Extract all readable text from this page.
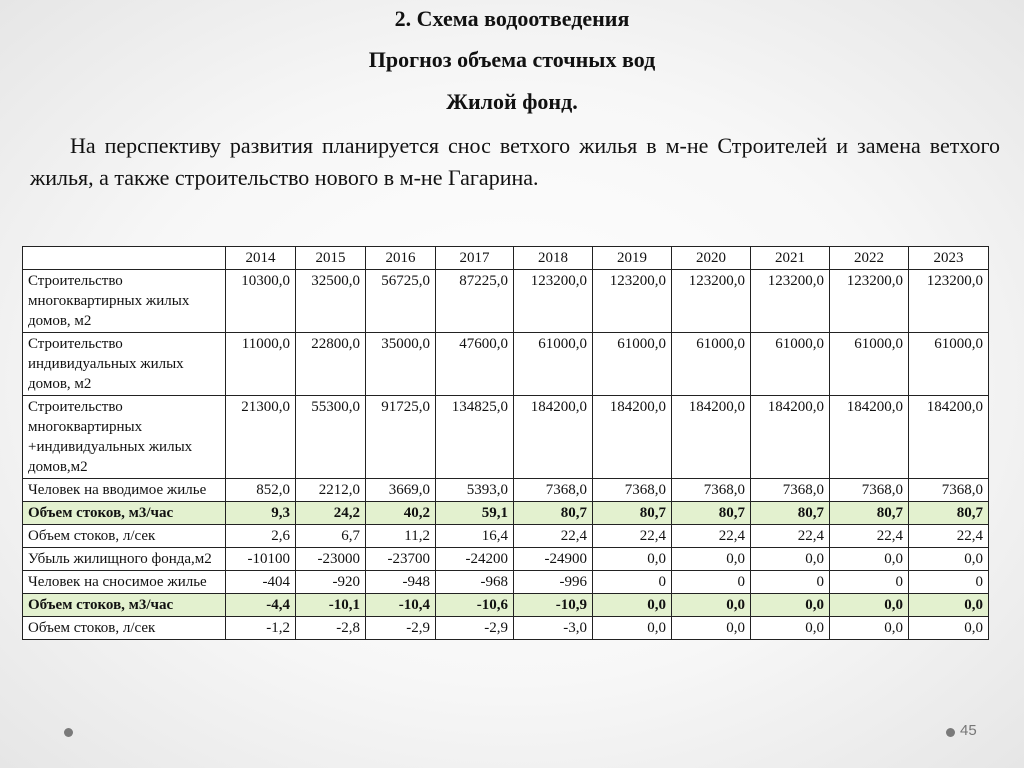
2. Схема водоотведения
Прогноз объема сточных вод
Жилой фонд.

На перспективу развития планируется снос ветхого жилья в м-не Строителей и замена ветхого жилья, а также строительство нового в м-не Гагарина.

	2014	2015	2016	2017	2018	2019	2020	2021	2022	2023
Строительство многоквартирных жилых домов, м2	10300,0	32500,0	56725,0	87225,0	123200,0	123200,0	123200,0	123200,0	123200,0	123200,0
Строительство индивидуальных жилых домов, м2	11000,0	22800,0	35000,0	47600,0	61000,0	61000,0	61000,0	61000,0	61000,0	61000,0
Строительство многоквартирных +индивидуальных жилых домов,м2	21300,0	55300,0	91725,0	134825,0	184200,0	184200,0	184200,0	184200,0	184200,0	184200,0
Человек на вводимое жилье	852,0	2212,0	3669,0	5393,0	7368,0	7368,0	7368,0	7368,0	7368,0	7368,0
Объем стоков, м3/час	9,3	24,2	40,2	59,1	80,7	80,7	80,7	80,7	80,7	80,7
Объем стоков, л/сек	2,6	6,7	11,2	16,4	22,4	22,4	22,4	22,4	22,4	22,4
Убыль жилищного фонда,м2	-10100	-23000	-23700	-24200	-24900	0,0	0,0	0,0	0,0	0,0
Человек на сносимое жилье	-404	-920	-948	-968	-996	0	0	0	0	0
Объем стоков, м3/час	-4,4	-10,1	-10,4	-10,6	-10,9	0,0	0,0	0,0	0,0	0,0
Объем стоков, л/сек	-1,2	-2,8	-2,9	-2,9	-3,0	0,0	0,0	0,0	0,0	0,0
45
